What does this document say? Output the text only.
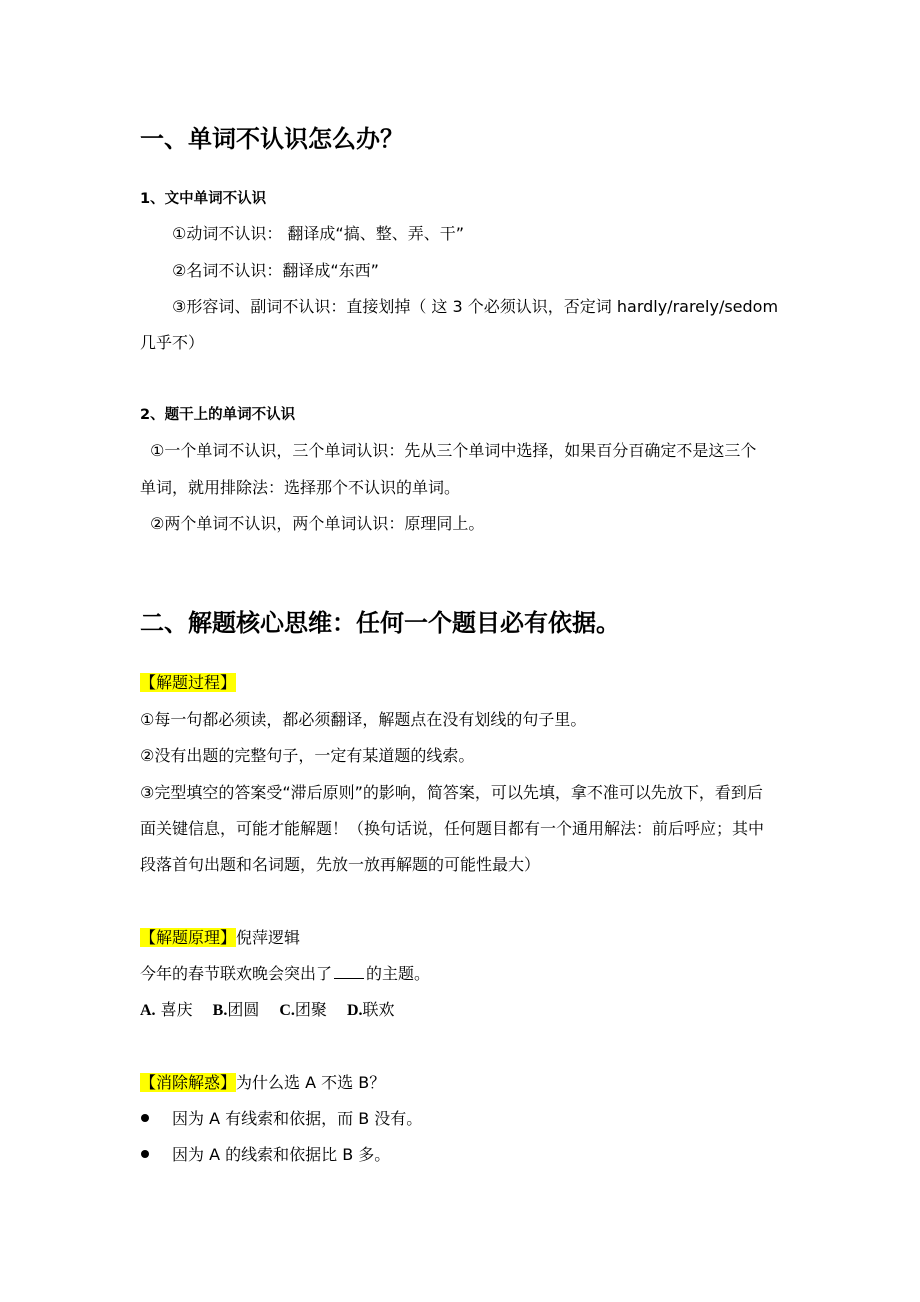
一、单词不认识怎么办？
1、文中单词不认识
①动词不认识： 翻译成“搞、整、弄、干”
②名词不认识：翻译成“东西”
③形容词、副词不认识：直接划掉（ 这 3 个必须认识，否定词 hardly/rarely/sedom
几乎不）
2、题干上的单词不认识
①一个单词不认识，三个单词认识：先从三个单词中选择，如果百分百确定不是这三个
单词，就用排除法：选择那个不认识的单词。
②两个单词不认识，两个单词认识：原理同上。
二、解题核心思维：任何一个题目必有依据。
【解题过程】
①每一句都必须读，都必须翻译，解题点在没有划线的句子里。
②没有出题的完整句子，一定有某道题的线索。
③完型填空的答案受“滞后原则”的影响，简答案，可以先填，拿不准可以先放下，看到后
面关键信息，可能才能解题！（换句话说，任何题目都有一个通用解法：前后呼应；其中
段落首句出题和名词题，先放一放再解题的可能性最大）
【解题原理】倪萍逻辑
今年的春节联欢晚会突出了 的主题。
A. 喜庆 B.团圆 C.团聚 D.联欢
【消除解惑】为什么选 A 不选 B？
因为 A 有线索和依据，而 B 没有。
因为 A 的线索和依据比 B 多。
